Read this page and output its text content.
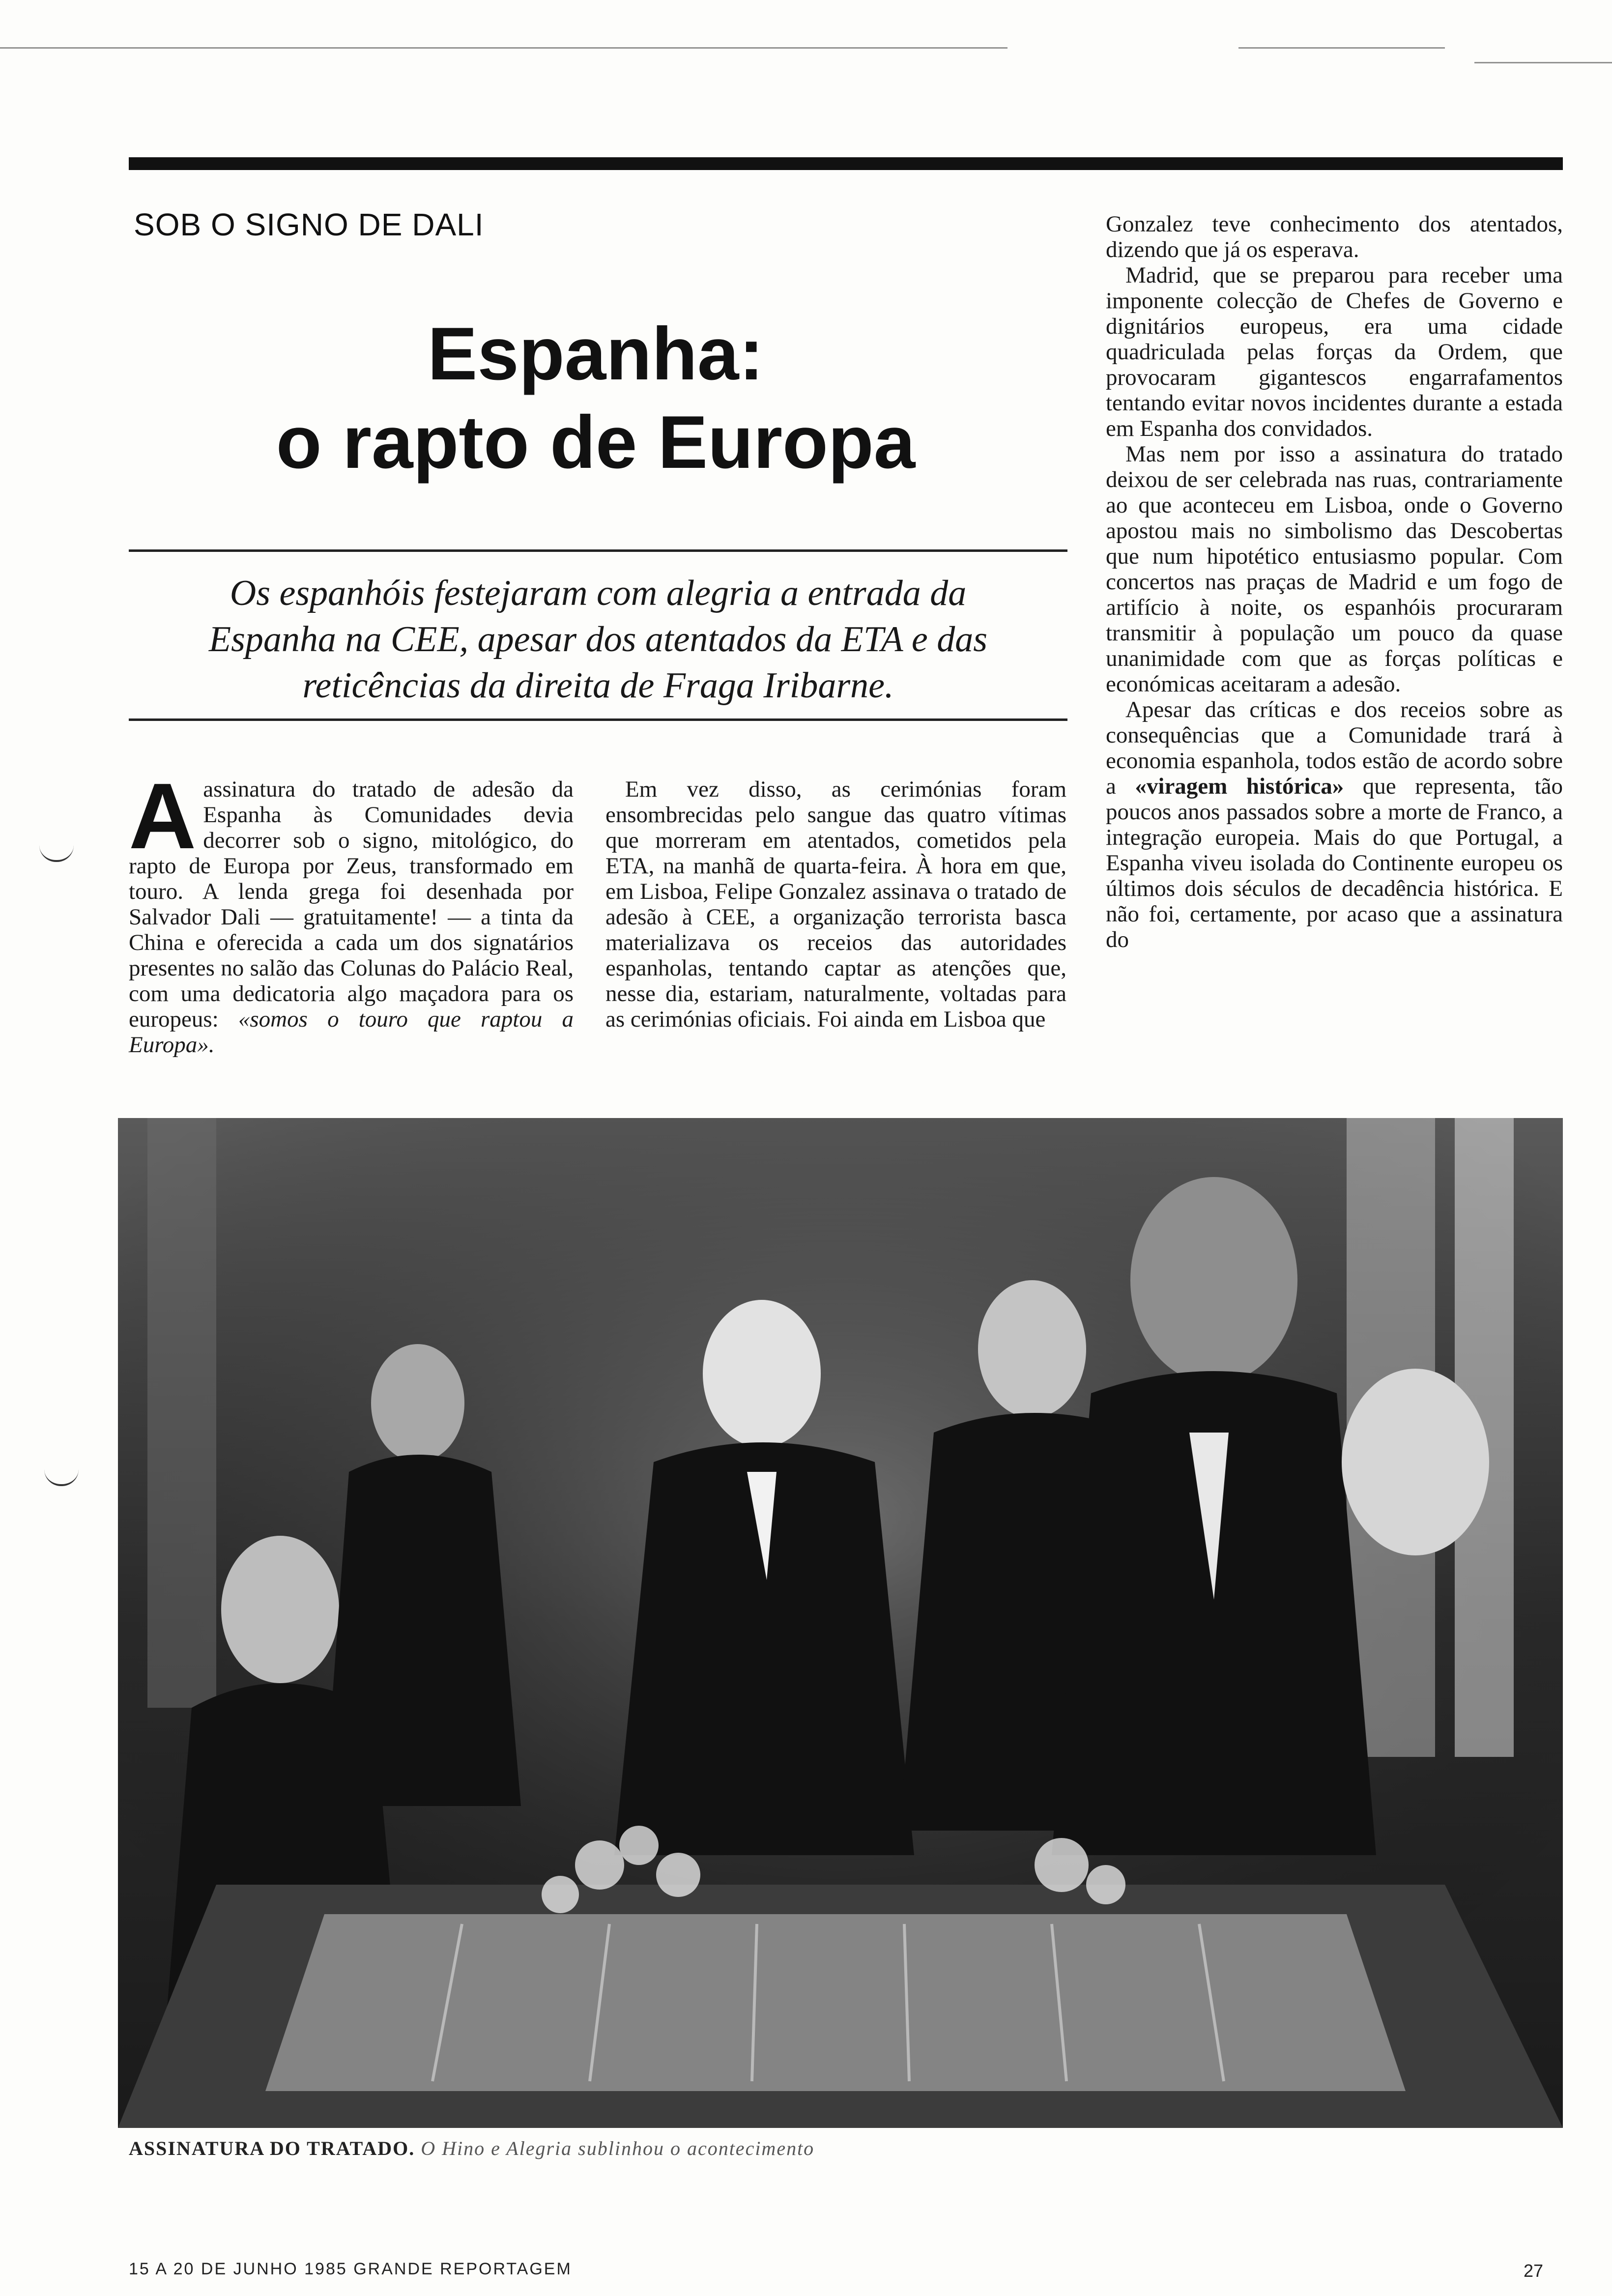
SOB O SIGNO DE DALI
Espanha:
o rapto de Europa
Os espanhóis festejaram com alegria a entrada da
Espanha na CEE, apesar dos atentados da ETA e das
reticências da direita de Fraga Iribarne.

Aassinatura do tratado de adesão da Espanha às Comunidades devia decorrer sob o signo, mitológico, do rapto de Europa por Zeus, transformado em touro. A lenda grega foi desenhada por Salvador Dali — gratuitamente! — a tinta da China e oferecida a cada um dos signatários presentes no salão das Colunas do Palácio Real, com uma dedicatoria algo maçadora para os europeus: «somos o touro que raptou a Europa».

Em vez disso, as cerimónias foram ensombrecidas pelo sangue das quatro vítimas que morreram em atentados, cometidos pela ETA, na manhã de quarta-feira. À hora em que, em Lisboa, Felipe Gonzalez assinava o tratado de adesão à CEE, a organização terrorista basca materializava os receios das autoridades espanholas, tentando captar as atenções que, nesse dia, estariam, naturalmente, voltadas para as cerimónias oficiais. Foi ainda em Lisboa que

Gonzalez teve conhecimento dos atentados, dizendo que já os esperava.

Madrid, que se preparou para receber uma imponente colecção de Chefes de Governo e dignitários europeus, era uma cidade quadriculada pelas forças da Ordem, que provocaram gigantescos engarrafamentos tentando evitar novos incidentes durante a estada em Espanha dos convidados.

Mas nem por isso a assinatura do tratado deixou de ser celebrada nas ruas, contrariamente ao que aconteceu em Lisboa, onde o Governo apostou mais no simbolismo das Descobertas que num hipotético entusiasmo popular. Com concertos nas praças de Madrid e um fogo de artifício à noite, os espanhóis procuraram transmitir à população um pouco da quase unanimidade com que as forças políticas e económicas aceitaram a adesão.

Apesar das críticas e dos receios sobre as consequências que a Comunidade trará à economia espanhola, todos estão de acordo sobre a «viragem histórica» que representa, tão poucos anos passados sobre a morte de Franco, a integração europeia. Mais do que Portugal, a Espanha viveu isolada do Continente europeu os últimos dois séculos de decadência histórica. E não foi, certamente, por acaso que a assinatura do

ASSINATURA DO TRATADO. O Hino e Alegria sublinhou o acontecimento
15 A 20 DE JUNHO 1985 GRANDE REPORTAGEM	27
